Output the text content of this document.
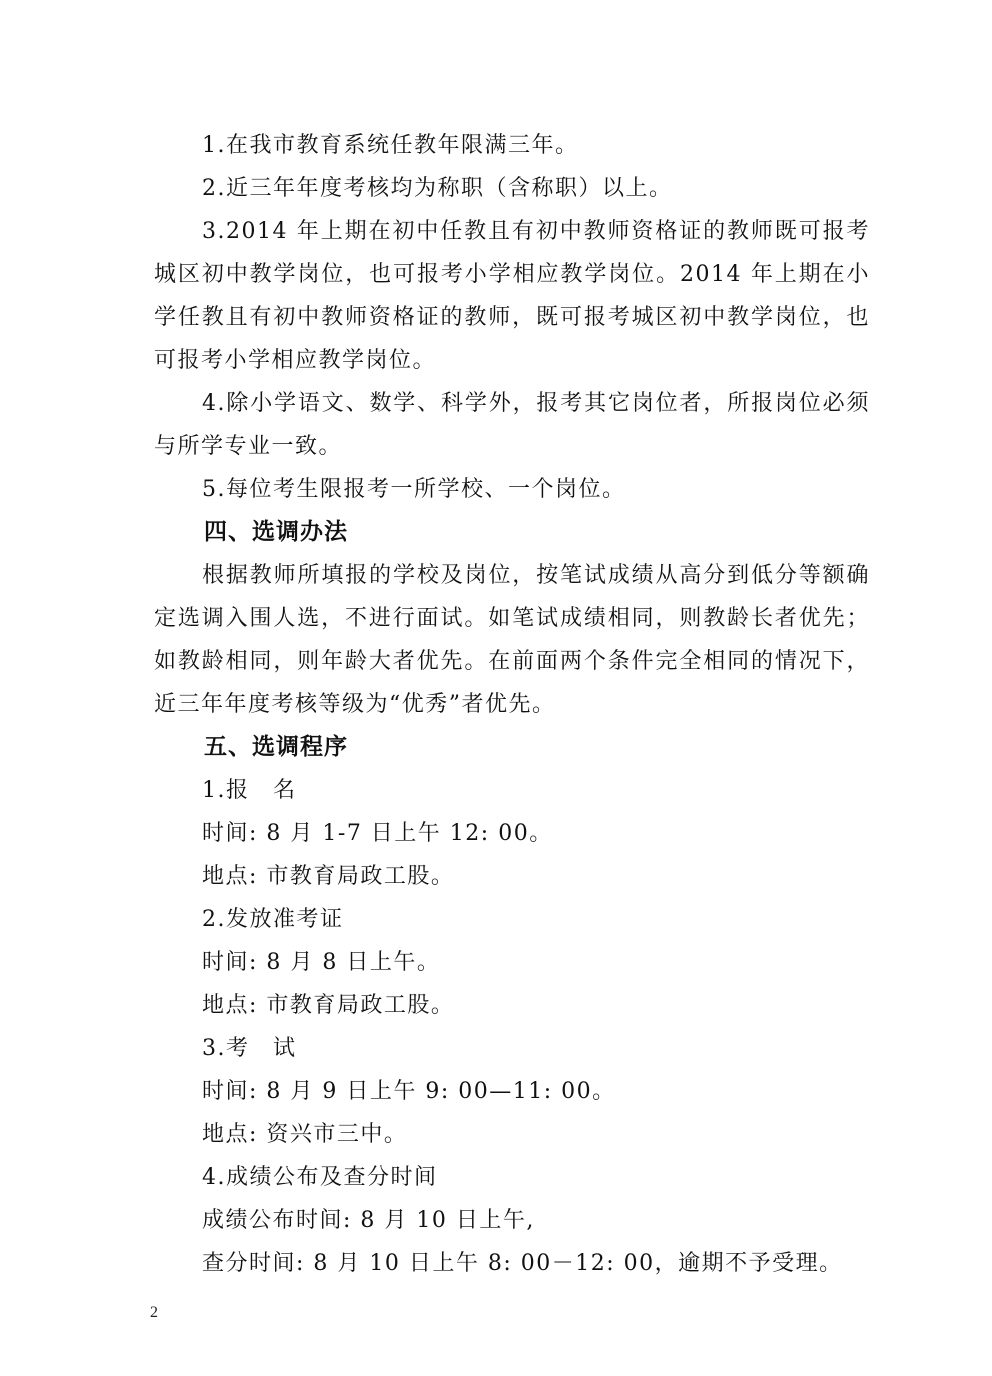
1.在我市教育系统任教年限满三年。

2.近三年年度考核均为称职（含称职）以上。

3.2014 年上期在初中任教且有初中教师资格证的教师既可报考城区初中教学岗位，也可报考小学相应教学岗位。2014 年上期在小学任教且有初中教师资格证的教师，既可报考城区初中教学岗位，也可报考小学相应教学岗位。

4.除小学语文、数学、科学外，报考其它岗位者，所报岗位必须与所学专业一致。

5.每位考生限报考一所学校、一个岗位。

四、选调办法

根据教师所填报的学校及岗位，按笔试成绩从高分到低分等额确定选调入围人选，不进行面试。如笔试成绩相同，则教龄长者优先；如教龄相同，则年龄大者优先。在前面两个条件完全相同的情况下，近三年年度考核等级为“优秀”者优先。

五、选调程序

1.报　名

时间: 8 月 1-7 日上午 12: 00。

地点: 市教育局政工股。

2.发放准考证

时间: 8 月 8 日上午。

地点: 市教育局政工股。

3.考　试

时间: 8 月 9 日上午 9: 00—11: 00。

地点: 资兴市三中。

4.成绩公布及查分时间

成绩公布时间: 8 月 10 日上午,

查分时间: 8 月 10 日上午 8: 00－12: 00，逾期不予受理。

2
